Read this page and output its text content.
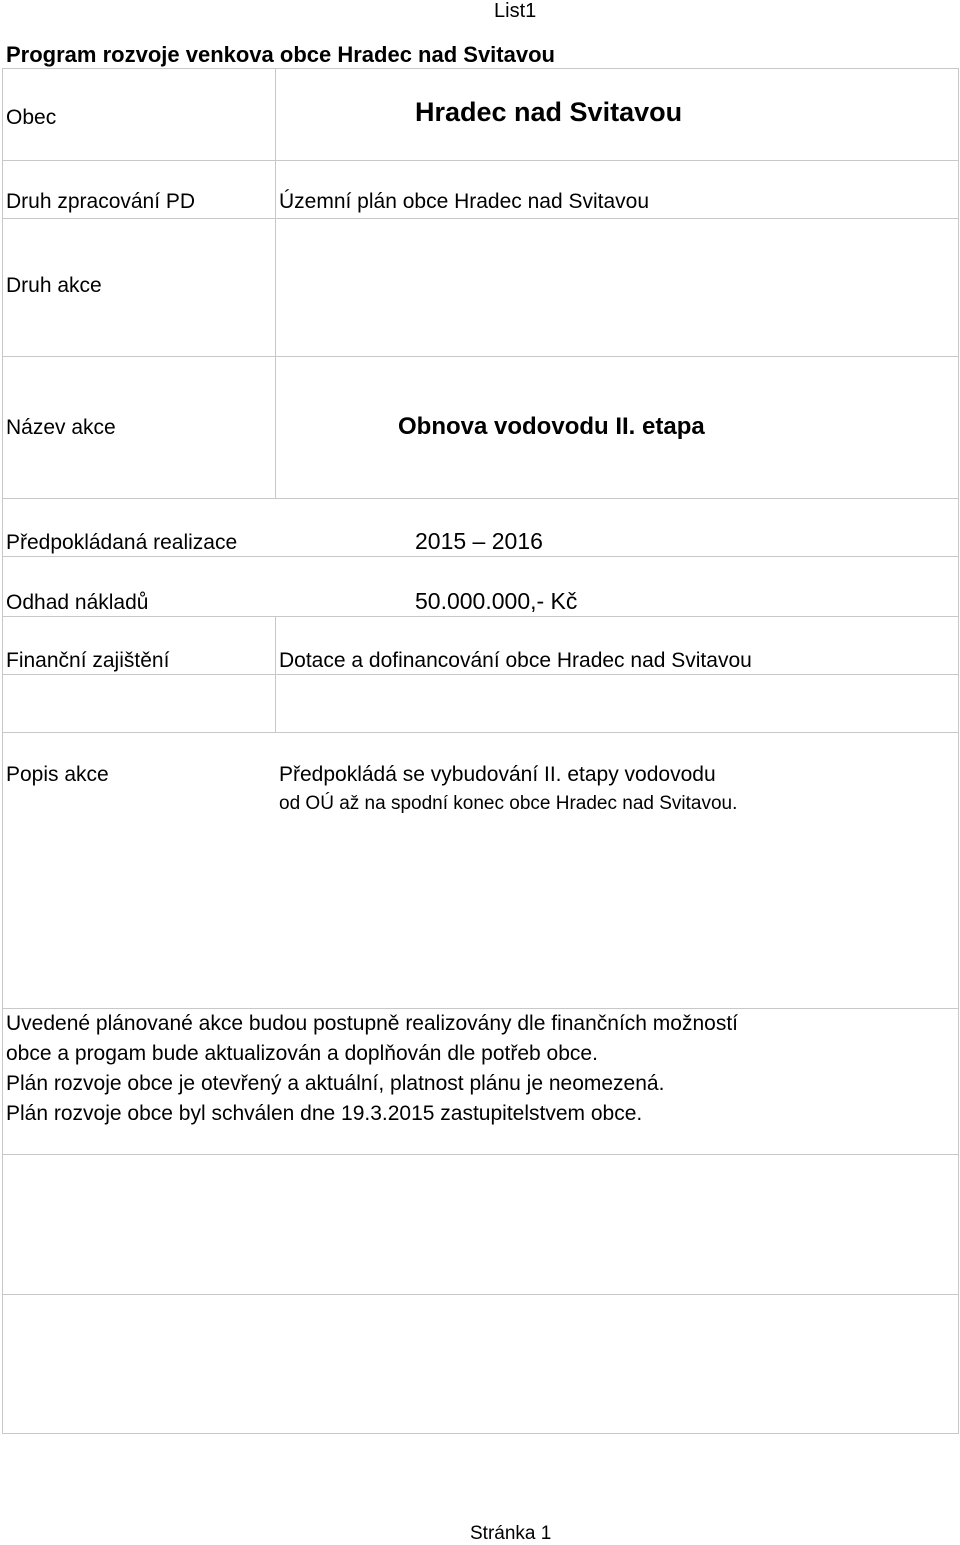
List1
Program rozvoje venkova obce Hradec nad Svitavou
Obec	Hradec nad Svitavou
Druh zpracování PD	Územní plán obce Hradec nad Svitavou
Druh akce
Název akce	Obnova vodovodu II. etapa
Předpokládaná realizace	2015 – 2016
Odhad nákladů	50.000.000,- Kč
Finanční zajištění	Dotace a dofinancování obce Hradec nad Svitavou
Popis akce	Předpokládá se vybudování II. etapy vodovodu
od OÚ až na spodní konec obce Hradec nad Svitavou.
Uvedené plánované akce budou postupně realizovány dle finančních možností
obce a progam bude aktualizován a doplňován dle potřeb obce.
Plán rozvoje obce je otevřený a aktuální, platnost plánu je neomezená.
Plán rozvoje obce byl schválen dne 19.3.2015 zastupitelstvem obce.
Stránka 1
